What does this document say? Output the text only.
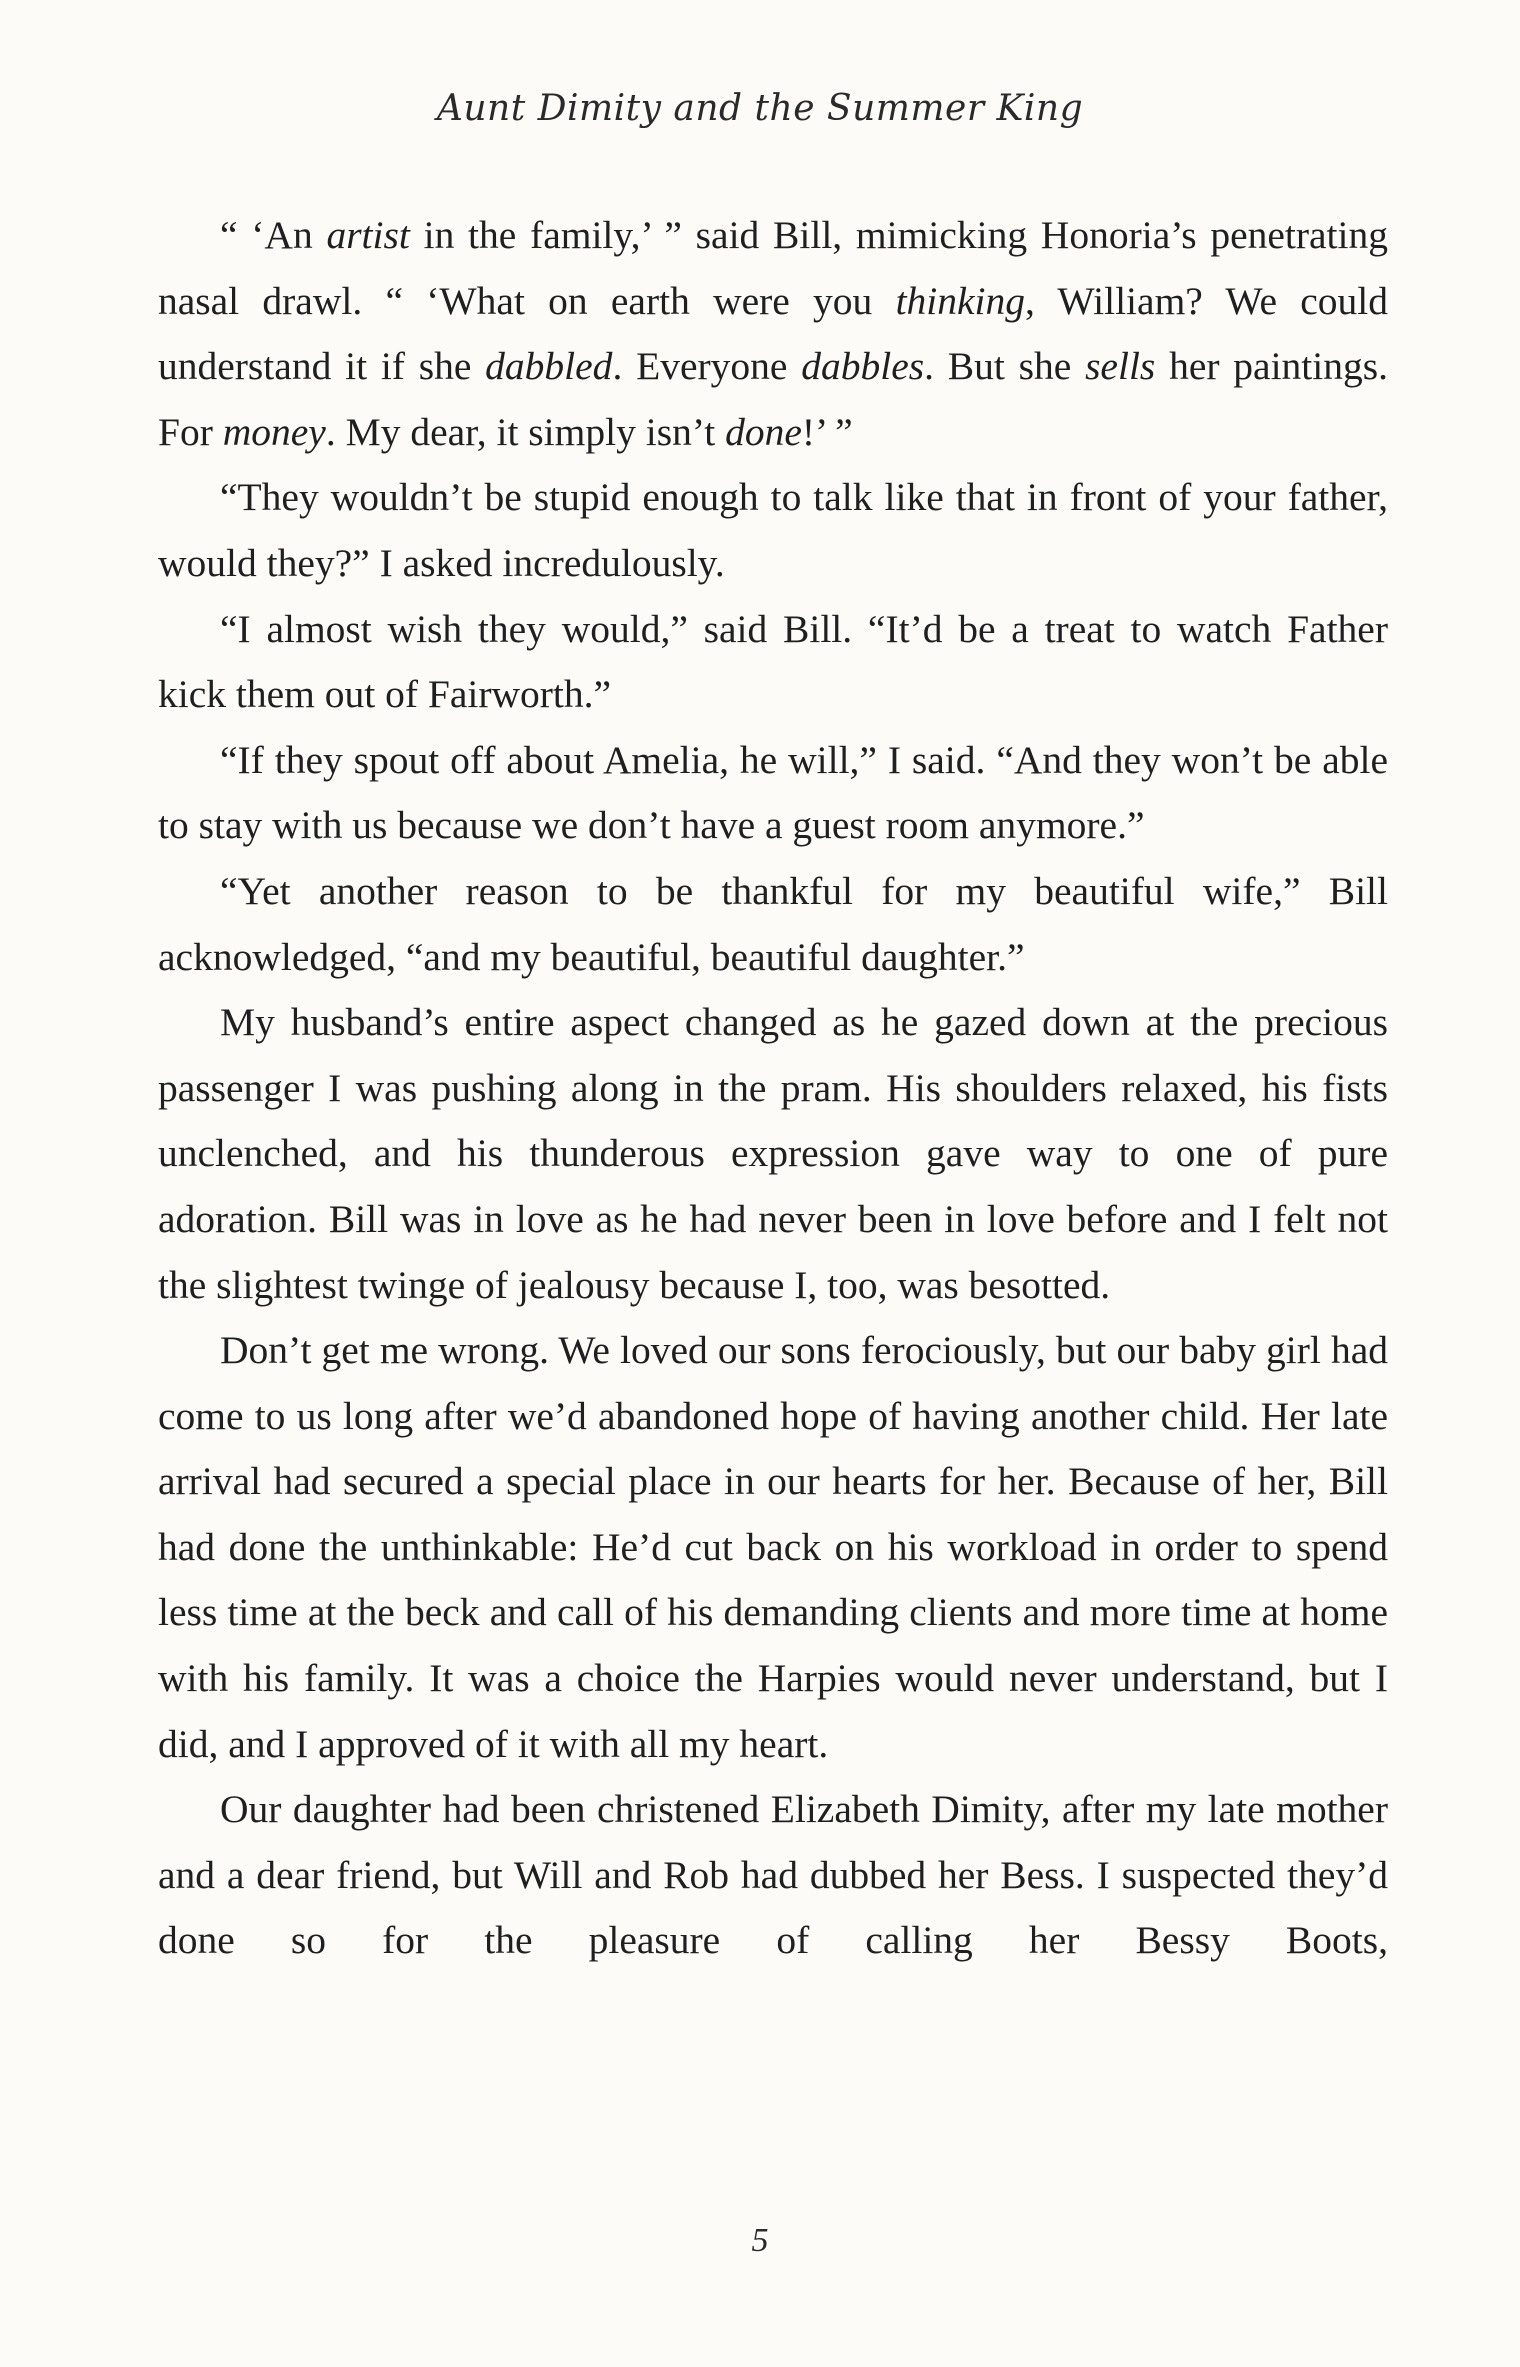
Aunt Dimity and the Summer King

“ ‘An artist in the family,’ ” said Bill, mimicking Honoria’s penetrating nasal drawl. “ ‘What on earth were you thinking, William? We could understand it if she dabbled. Everyone dabbles. But she sells her paintings. For money. My dear, it simply isn’t done!’ ”

“They wouldn’t be stupid enough to talk like that in front of your father, would they?” I asked incredulously.

“I almost wish they would,” said Bill. “It’d be a treat to watch Father kick them out of Fairworth.”

“If they spout off about Amelia, he will,” I said. “And they won’t be able to stay with us because we don’t have a guest room anymore.”

“Yet another reason to be thankful for my beautiful wife,” Bill acknowledged, “and my beautiful, beautiful daughter.”

My husband’s entire aspect changed as he gazed down at the precious passenger I was pushing along in the pram. His shoulders relaxed, his fists unclenched, and his thunderous expression gave way to one of pure adoration. Bill was in love as he had never been in love before and I felt not the slightest twinge of jealousy because I, too, was besotted.

Don’t get me wrong. We loved our sons ferociously, but our baby girl had come to us long after we’d abandoned hope of having another child. Her late arrival had secured a special place in our hearts for her. Because of her, Bill had done the unthinkable: He’d cut back on his workload in order to spend less time at the beck and call of his demanding clients and more time at home with his family. It was a choice the Harpies would never understand, but I did, and I approved of it with all my heart.

Our daughter had been christened Elizabeth Dimity, after my late mother and a dear friend, but Will and Rob had dubbed her Bess. I suspected they’d done so for the pleasure of calling her Bessy Boots,

5
